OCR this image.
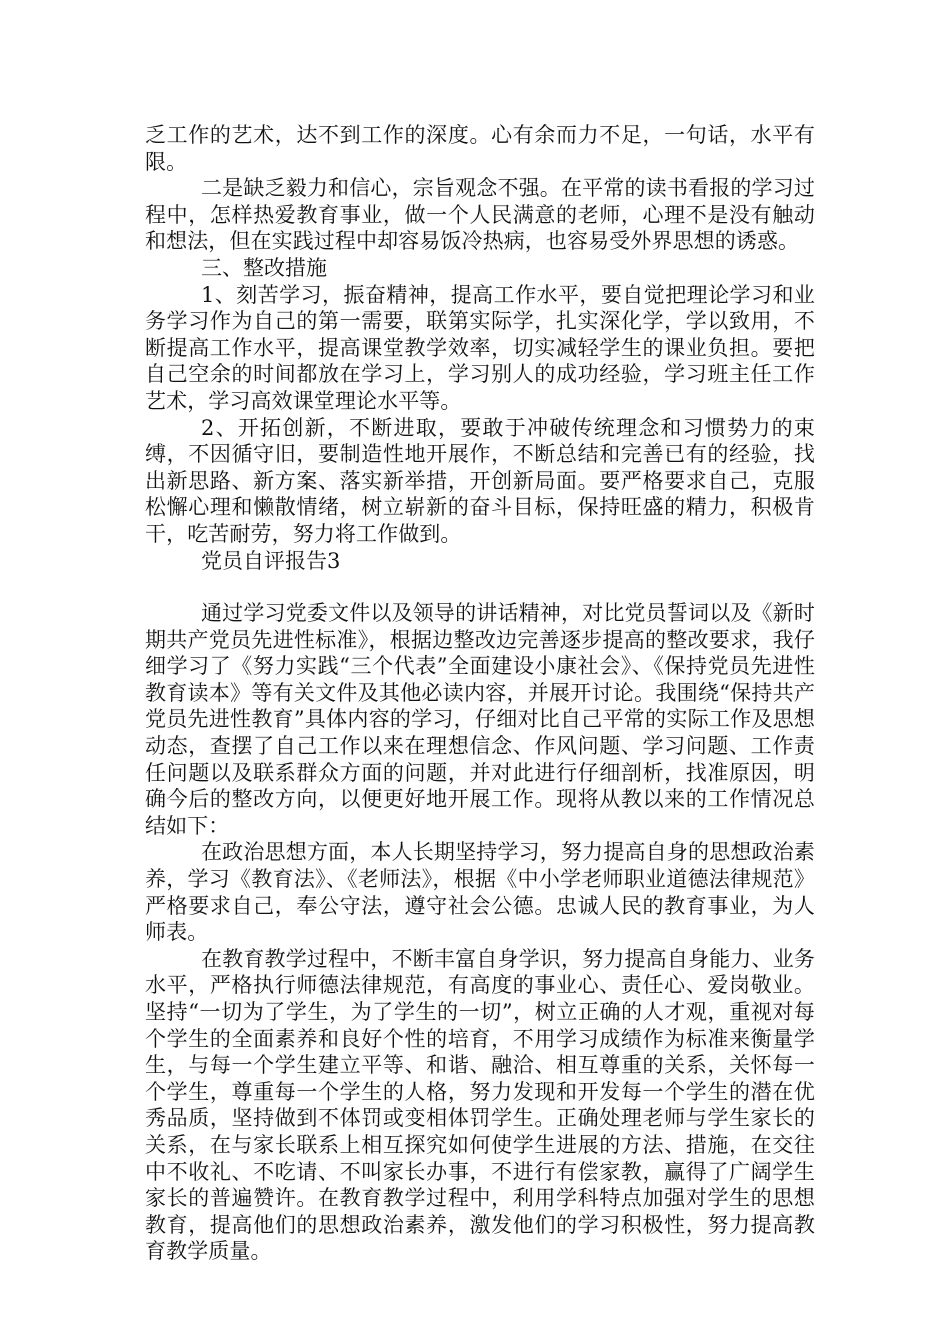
乏工作的艺术，达不到工作的深度。心有余而力不足，一句话，水平有限。

二是缺乏毅力和信心，宗旨观念不强。在平常的读书看报的学习过程中，怎样热爱教育事业，做一个人民满意的老师，心理不是没有触动和想法，但在实践过程中却容易饭冷热病，也容易受外界思想的诱惑。

三、整改措施

1、刻苦学习，振奋精神，提高工作水平，要自觉把理论学习和业务学习作为自己的第一需要，联第实际学，扎实深化学，学以致用，不断提高工作水平，提高课堂教学效率，切实减轻学生的课业负担。要把自己空余的时间都放在学习上，学习别人的成功经验，学习班主任工作艺术，学习高效课堂理论水平等。

2、开拓创新，不断进取，要敢于冲破传统理念和习惯势力的束缚，不因循守旧，要制造性地开展作，不断总结和完善已有的经验，找出新思路、新方案、落实新举措，开创新局面。要严格要求自己，克服松懈心理和懒散情绪，树立崭新的奋斗目标，保持旺盛的精力，积极肯干，吃苦耐劳，努力将工作做到。

党员自评报告3

通过学习党委文件以及领导的讲话精神，对比党员誓词以及《新时期共产党员先进性标准》，根据边整改边完善逐步提高的整改要求，我仔细学习了《努力实践“三个代表”全面建设小康社会》、《保持党员先进性教育读本》等有关文件及其他必读内容，并展开讨论。我围绕“保持共产党员先进性教育”具体内容的学习，仔细对比自己平常的实际工作及思想动态，查摆了自己工作以来在理想信念、作风问题、学习问题、工作责任问题以及联系群众方面的问题，并对此进行仔细剖析，找准原因，明确今后的整改方向，以便更好地开展工作。现将从教以来的工作情况总结如下：

在政治思想方面，本人长期坚持学习，努力提高自身的思想政治素养，学习《教育法》、《老师法》，根据《中小学老师职业道德法律规范》严格要求自己，奉公守法，遵守社会公德。忠诚人民的教育事业，为人师表。

在教育教学过程中，不断丰富自身学识，努力提高自身能力、业务水平，严格执行师德法律规范，有高度的事业心、责任心、爱岗敬业。坚持“一切为了学生，为了学生的一切”，树立正确的人才观，重视对每个学生的全面素养和良好个性的培育，不用学习成绩作为标准来衡量学生，与每一个学生建立平等、和谐、融洽、相互尊重的关系，关怀每一个学生，尊重每一个学生的人格，努力发现和开发每一个学生的潜在优秀品质，坚持做到不体罚或变相体罚学生。正确处理老师与学生家长的关系，在与家长联系上相互探究如何使学生进展的方法、措施，在交往中不收礼、不吃请、不叫家长办事，不进行有偿家教，赢得了广阔学生家长的普遍赞许。在教育教学过程中，利用学科特点加强对学生的思想教育，提高他们的思想政治素养，激发他们的学习积极性，努力提高教育教学质量。
